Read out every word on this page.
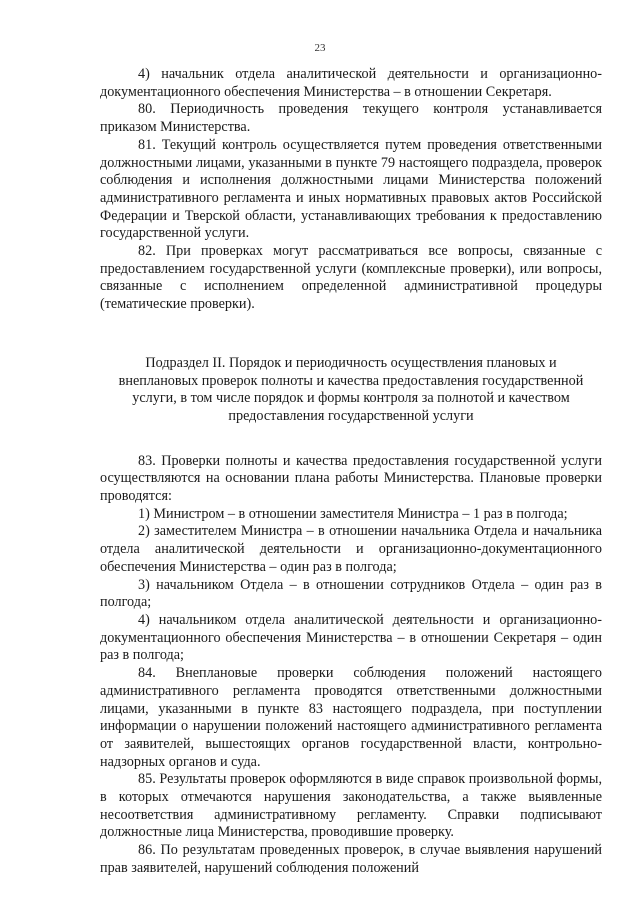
23

4) начальник отдела аналитической деятельности и организационно-документационного обеспечения Министерства – в отношении Секретаря.

80. Периодичность проведения текущего контроля устанавливается приказом Министерства.

81. Текущий контроль осуществляется путем проведения ответственными должностными лицами, указанными в пункте 79 настоящего подраздела, проверок соблюдения и исполнения должностными лицами Министерства положений административного регламента и иных нормативных правовых актов Российской Федерации и Тверской области, устанавливающих требования к предоставлению государственной услуги.

82. При проверках могут рассматриваться все вопросы, связанные с предоставлением государственной услуги (комплексные проверки), или вопросы, связанные с исполнением определенной административной процедуры (тематические проверки).

Подраздел II. Порядок и периодичность осуществления плановых и внеплановых проверок полноты и качества предоставления государственной услуги, в том числе порядок и формы контроля за полнотой и качеством предоставления государственной услуги

83. Проверки полноты и качества предоставления государственной услуги осуществляются на основании плана работы Министерства. Плановые проверки проводятся:

1) Министром – в отношении заместителя Министра – 1 раз в полгода;

2) заместителем Министра – в отношении начальника Отдела и начальника отдела аналитической деятельности и организационно-документационного обеспечения Министерства – один раз в полгода;

3) начальником Отдела – в отношении сотрудников Отдела – один раз в полгода;

4) начальником отдела аналитической деятельности и организационно-документационного обеспечения Министерства – в отношении Секретаря – один раз в полгода;

84. Внеплановые проверки соблюдения положений настоящего административного регламента проводятся ответственными должностными лицами, указанными в пункте 83 настоящего подраздела, при поступлении информации о нарушении положений настоящего административного регламента от заявителей, вышестоящих органов государственной власти, контрольно-надзорных органов и суда.

85. Результаты проверок оформляются в виде справок произвольной формы, в которых отмечаются нарушения законодательства, а также выявленные несоответствия административному регламенту. Справки подписывают должностные лица Министерства, проводившие проверку.

86. По результатам проведенных проверок, в случае выявления нарушений прав заявителей, нарушений соблюдения положений
